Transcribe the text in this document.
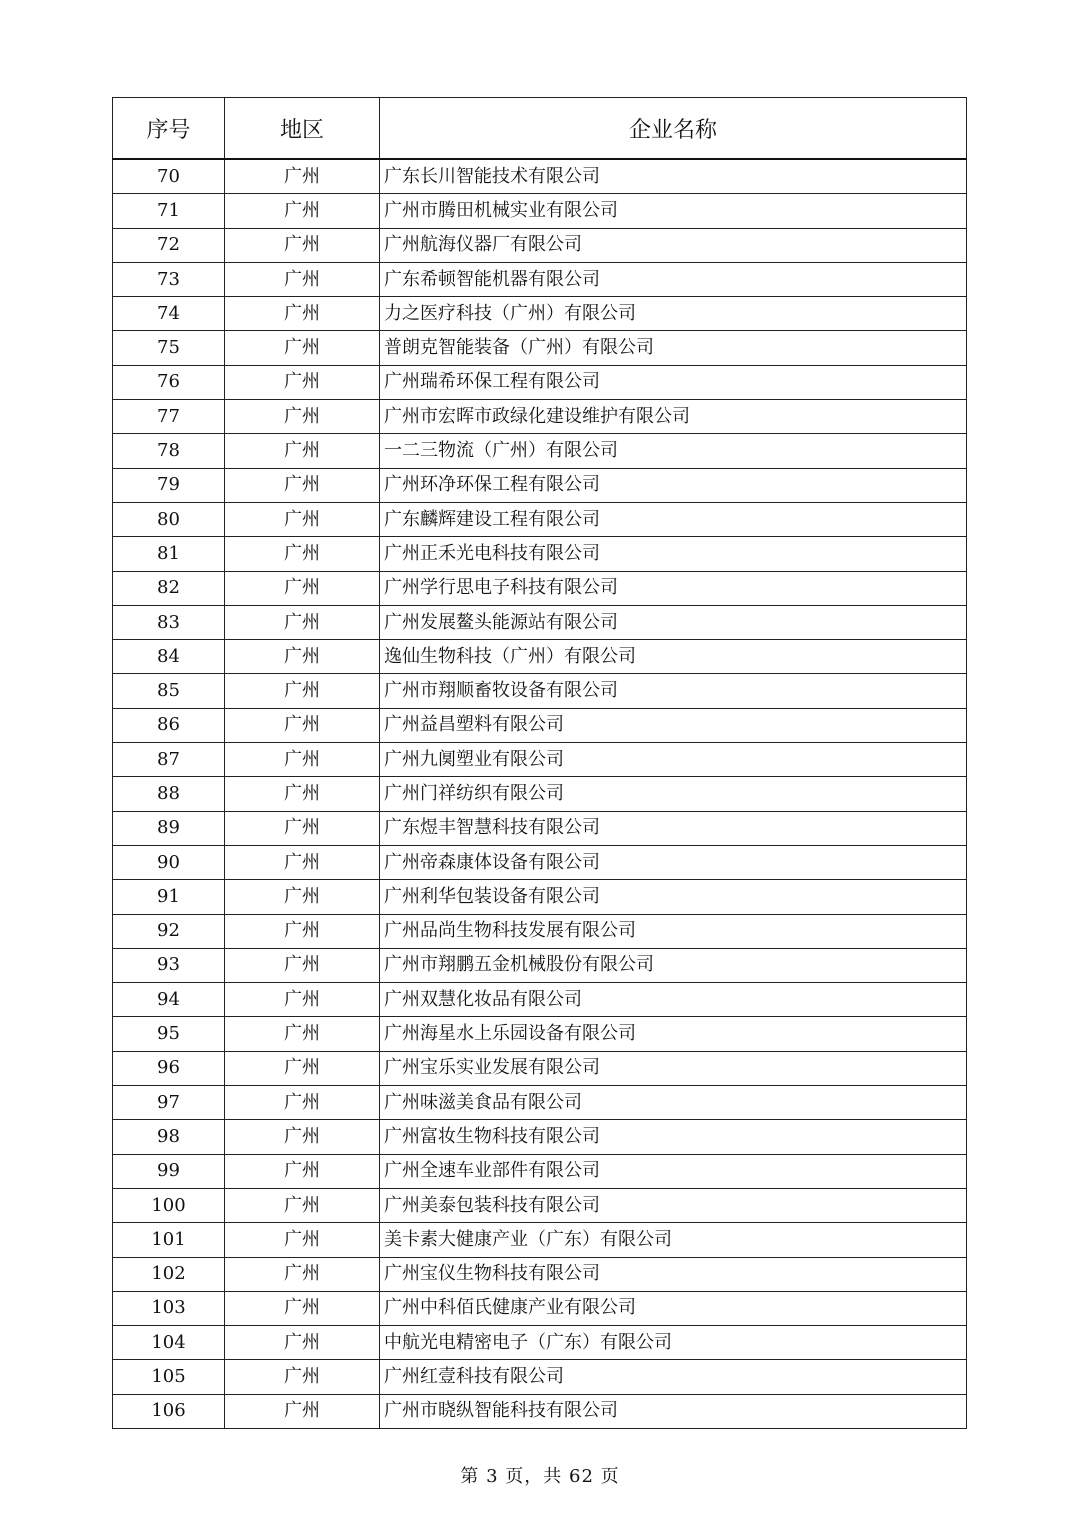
序号	地区	企业名称
70	广州	广东长川智能技术有限公司
71	广州	广州市腾田机械实业有限公司
72	广州	广州航海仪器厂有限公司
73	广州	广东希顿智能机器有限公司
74	广州	力之医疗科技（广州）有限公司
75	广州	普朗克智能装备（广州）有限公司
76	广州	广州瑞希环保工程有限公司
77	广州	广州市宏晖市政绿化建设维护有限公司
78	广州	一二三物流（广州）有限公司
79	广州	广州环净环保工程有限公司
80	广州	广东麟辉建设工程有限公司
81	广州	广州正禾光电科技有限公司
82	广州	广州学行思电子科技有限公司
83	广州	广州发展鳌头能源站有限公司
84	广州	逸仙生物科技（广州）有限公司
85	广州	广州市翔顺畜牧设备有限公司
86	广州	广州益昌塑料有限公司
87	广州	广州九阒塑业有限公司
88	广州	广州门祥纺织有限公司
89	广州	广东煜丰智慧科技有限公司
90	广州	广州帝森康体设备有限公司
91	广州	广州利华包装设备有限公司
92	广州	广州品尚生物科技发展有限公司
93	广州	广州市翔鹏五金机械股份有限公司
94	广州	广州双慧化妆品有限公司
95	广州	广州海星水上乐园设备有限公司
96	广州	广州宝乐实业发展有限公司
97	广州	广州味滋美食品有限公司
98	广州	广州富妆生物科技有限公司
99	广州	广州全速车业部件有限公司
100	广州	广州美泰包装科技有限公司
101	广州	美卡素大健康产业（广东）有限公司
102	广州	广州宝仪生物科技有限公司
103	广州	广州中科佰氏健康产业有限公司
104	广州	中航光电精密电子（广东）有限公司
105	广州	广州红壹科技有限公司
106	广州	广州市晓纵智能科技有限公司
第 3 页，共 62 页
